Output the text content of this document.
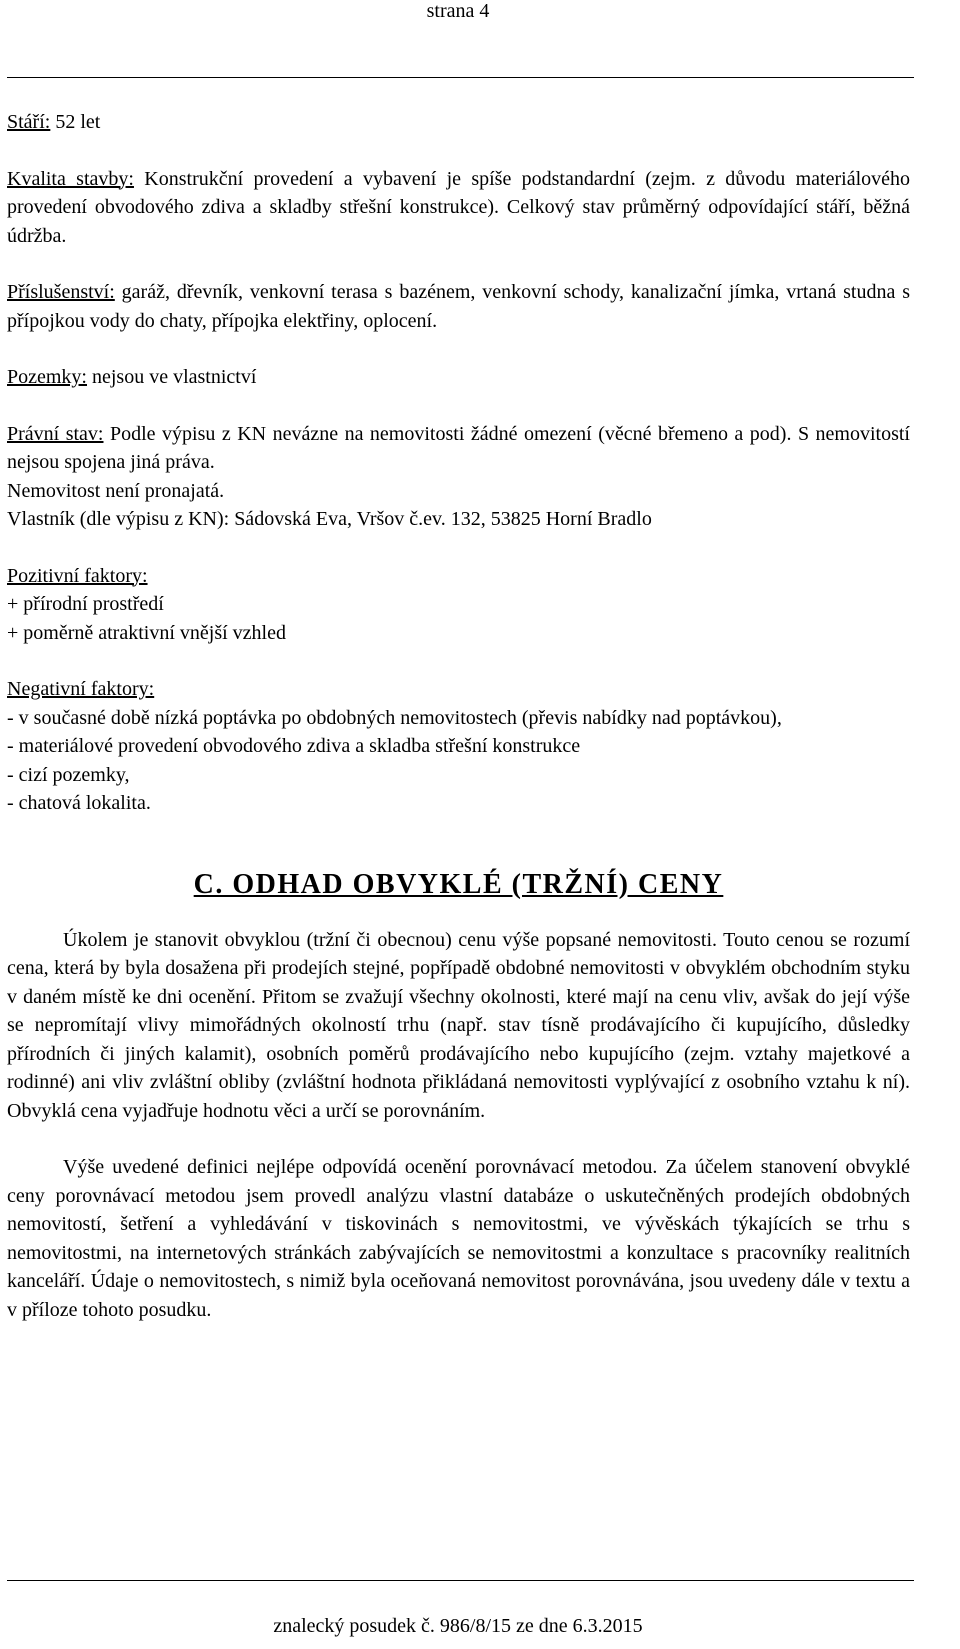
strana 4

Stáří: 52 let

Kvalita stavby: Konstrukční provedení a vybavení je spíše podstandardní (zejm. z důvodu materiálového provedení obvodového zdiva a skladby střešní konstrukce). Celkový stav průměrný odpovídající stáří, běžná údržba.

Příslušenství: garáž, dřevník, venkovní terasa s bazénem, venkovní schody, kanalizační jímka, vrtaná studna s přípojkou vody do chaty, přípojka elektřiny, oplocení.

Pozemky: nejsou ve vlastnictví

Právní stav: Podle výpisu z KN nevázne na nemovitosti žádné omezení (věcné břemeno a pod). S nemovitostí nejsou spojena jiná práva.

Nemovitost není pronajatá.

Vlastník (dle výpisu z KN): Sádovská Eva, Vršov č.ev. 132, 53825 Horní Bradlo

Pozitivní faktory:

+ přírodní prostředí

+ poměrně atraktivní vnější vzhled

Negativní faktory:

- v současné době nízká poptávka po obdobných nemovitostech (převis nabídky nad poptávkou),

- materiálové provedení obvodového zdiva a skladba střešní konstrukce

- cizí pozemky,

- chatová lokalita.

C. ODHAD OBVYKLÉ (TRŽNÍ) CENY

Úkolem je stanovit obvyklou (tržní či obecnou) cenu výše popsané nemovitosti. Touto cenou se rozumí cena, která by byla dosažena při prodejích stejné, popřípadě obdobné nemovitosti v obvyklém obchodním styku v daném místě ke dni ocenění. Přitom se zvažují všechny okolnosti, které mají na cenu vliv, avšak do její výše se nepromítají vlivy mimořádných okolností trhu (např. stav tísně prodávajícího či kupujícího, důsledky přírodních či jiných kalamit), osobních poměrů prodávajícího nebo kupujícího (zejm. vztahy majetkové a rodinné) ani vliv zvláštní obliby (zvláštní hodnota přikládaná nemovitosti vyplývající z osobního vztahu k ní). Obvyklá cena vyjadřuje hodnotu věci a určí se porovnáním.

Výše uvedené definici nejlépe odpovídá ocenění porovnávací metodou. Za účelem stanovení obvyklé ceny porovnávací metodou jsem provedl analýzu vlastní databáze o uskutečněných prodejích obdobných nemovitostí, šetření a vyhledávání v tiskovinách s nemovitostmi, ve vývěskách týkajících se trhu s nemovitostmi, na internetových stránkách zabývajících se nemovitostmi a konzultace s pracovníky realitních kanceláří. Údaje o nemovitostech, s nimiž byla oceňovaná nemovitost porovnávána, jsou uvedeny dále v textu a v příloze tohoto posudku.

znalecký posudek č. 986/8/15 ze dne 6.3.2015
